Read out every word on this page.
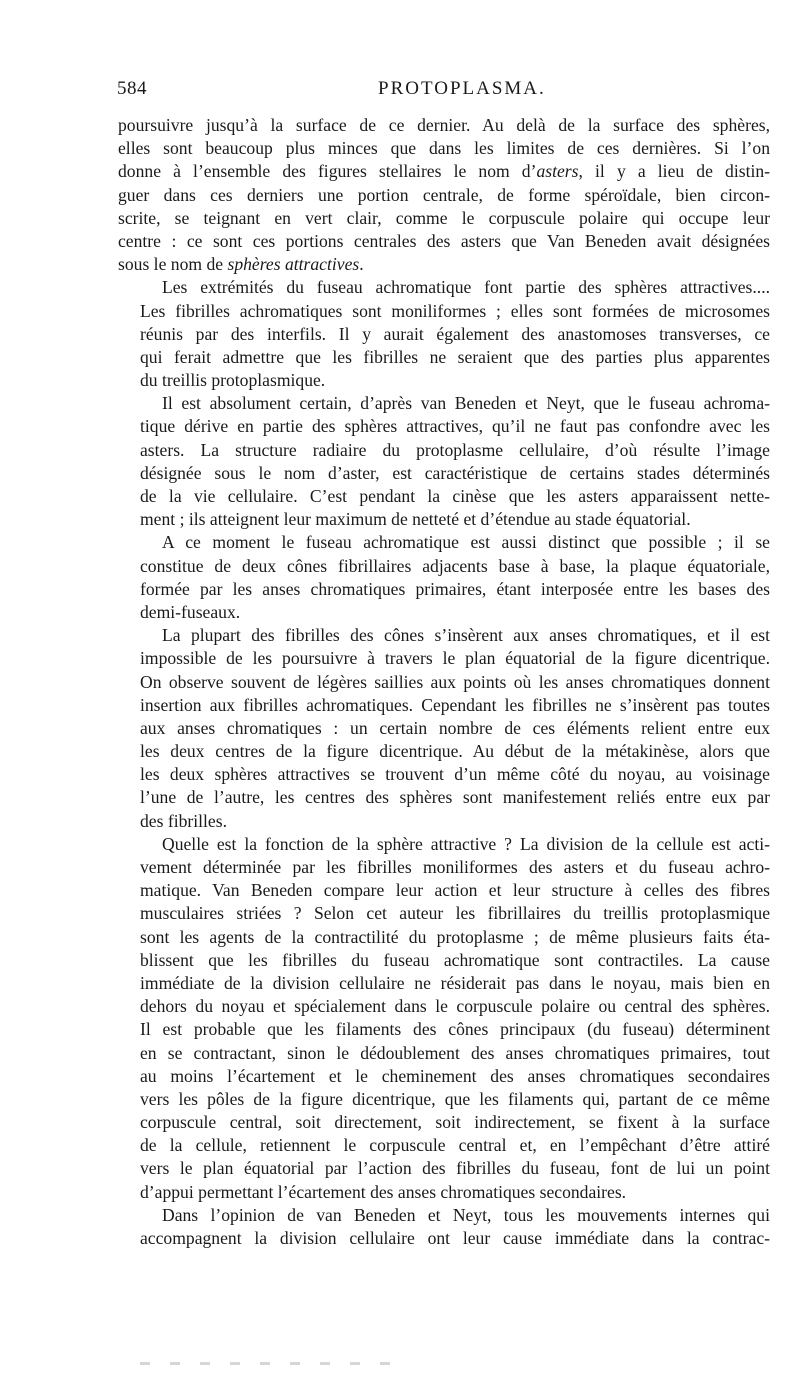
584	PROTOPLASMA.
poursuivre jusqu’à la surface de ce dernier. Au delà de la surface des sphères,
elles sont beaucoup plus minces que dans les limites de ces dernières. Si l’on
donne à l’ensemble des figures stellaires le nom d’asters, il y a lieu de distin-
guer dans ces derniers une portion centrale, de forme spéroïdale, bien circon-
scrite, se teignant en vert clair, comme le corpuscule polaire qui occupe leur
centre : ce sont ces portions centrales des asters que Van Beneden avait désignées
sous le nom de sphères attractives.
Les extrémités du fuseau achromatique font partie des sphères attractives....
Les fibrilles achromatiques sont moniliformes ; elles sont formées de microsomes
réunis par des interfils. Il y aurait également des anastomoses transverses, ce
qui ferait admettre que les fibrilles ne seraient que des parties plus apparentes
du treillis protoplasmique.
Il est absolument certain, d’après van Beneden et Neyt, que le fuseau achroma-
tique dérive en partie des sphères attractives, qu’il ne faut pas confondre avec les
asters. La structure radiaire du protoplasme cellulaire, d’où résulte l’image
désignée sous le nom d’aster, est caractéristique de certains stades déterminés
de la vie cellulaire. C’est pendant la cinèse que les asters apparaissent nette-
ment ; ils atteignent leur maximum de netteté et d’étendue au stade équatorial.
A ce moment le fuseau achromatique est aussi distinct que possible ; il se
constitue de deux cônes fibrillaires adjacents base à base, la plaque équatoriale,
formée par les anses chromatiques primaires, étant interposée entre les bases des
demi-fuseaux.
La plupart des fibrilles des cônes s’insèrent aux anses chromatiques, et il est
impossible de les poursuivre à travers le plan équatorial de la figure dicentrique.
On observe souvent de légères saillies aux points où les anses chromatiques donnent
insertion aux fibrilles achromatiques. Cependant les fibrilles ne s’insèrent pas toutes
aux anses chromatiques : un certain nombre de ces éléments relient entre eux
les deux centres de la figure dicentrique. Au début de la métakinèse, alors que
les deux sphères attractives se trouvent d’un même côté du noyau, au voisinage
l’une de l’autre, les centres des sphères sont manifestement reliés entre eux par
des fibrilles.
Quelle est la fonction de la sphère attractive ? La division de la cellule est acti-
vement déterminée par les fibrilles moniliformes des asters et du fuseau achro-
matique. Van Beneden compare leur action et leur structure à celles des fibres
musculaires striées ? Selon cet auteur les fibrillaires du treillis protoplasmique
sont les agents de la contractilité du protoplasme ; de même plusieurs faits éta-
blissent que les fibrilles du fuseau achromatique sont contractiles. La cause
immédiate de la division cellulaire ne résiderait pas dans le noyau, mais bien en
dehors du noyau et spécialement dans le corpuscule polaire ou central des sphères.
Il est probable que les filaments des cônes principaux (du fuseau) déterminent
en se contractant, sinon le dédoublement des anses chromatiques primaires, tout
au moins l’écartement et le cheminement des anses chromatiques secondaires
vers les pôles de la figure dicentrique, que les filaments qui, partant de ce même
corpuscule central, soit directement, soit indirectement, se fixent à la surface
de la cellule, retiennent le corpuscule central et, en l’empêchant d’être attiré
vers le plan équatorial par l’action des fibrilles du fuseau, font de lui un point
d’appui permettant l’écartement des anses chromatiques secondaires.
Dans l’opinion de van Beneden et Neyt, tous les mouvements internes qui
accompagnent la division cellulaire ont leur cause immédiate dans la contrac-
